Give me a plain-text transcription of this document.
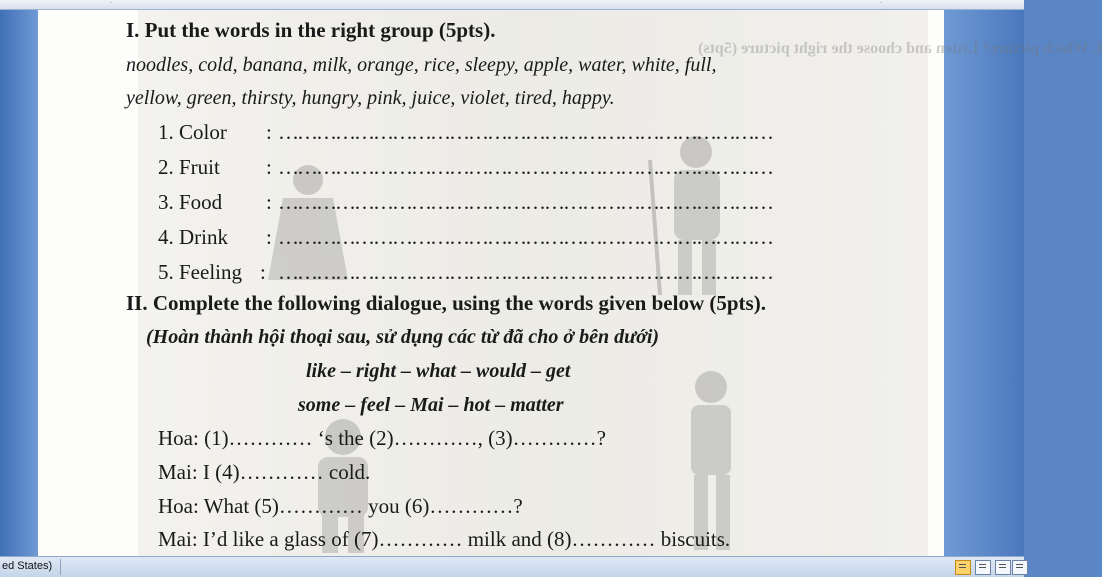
·	·
I. Which picture? Listen and choose the right picture (5pts)
I. Put the words in the right group (5pts).
noodles, cold, banana, milk, orange, rice, sleepy, apple, water, white, full,
yellow, green, thirsty, hungry, pink, juice, violet, tired, happy.
1. Color : ……………………………………………………………………
2. Fruit : ……………………………………………………………………
3. Food : ……………………………………………………………………
4. Drink : ……………………………………………………………………
5. Feeling : ……………………………………………………………………
II. Complete the following dialogue, using the words given below (5pts).
(Hoàn thành hội thoại sau, sử dụng các từ đã cho ở bên dưới)
like – right – what – would – get
some – feel – Mai – hot – matter
Hoa: (1)………… ‘s the (2)…………, (3)…………?
Mai: I (4)………… cold.
Hoa: What (5)………… you (6)…………?
Mai: I’d like a glass of (7)………… milk and (8)………… biscuits.
ed States)
